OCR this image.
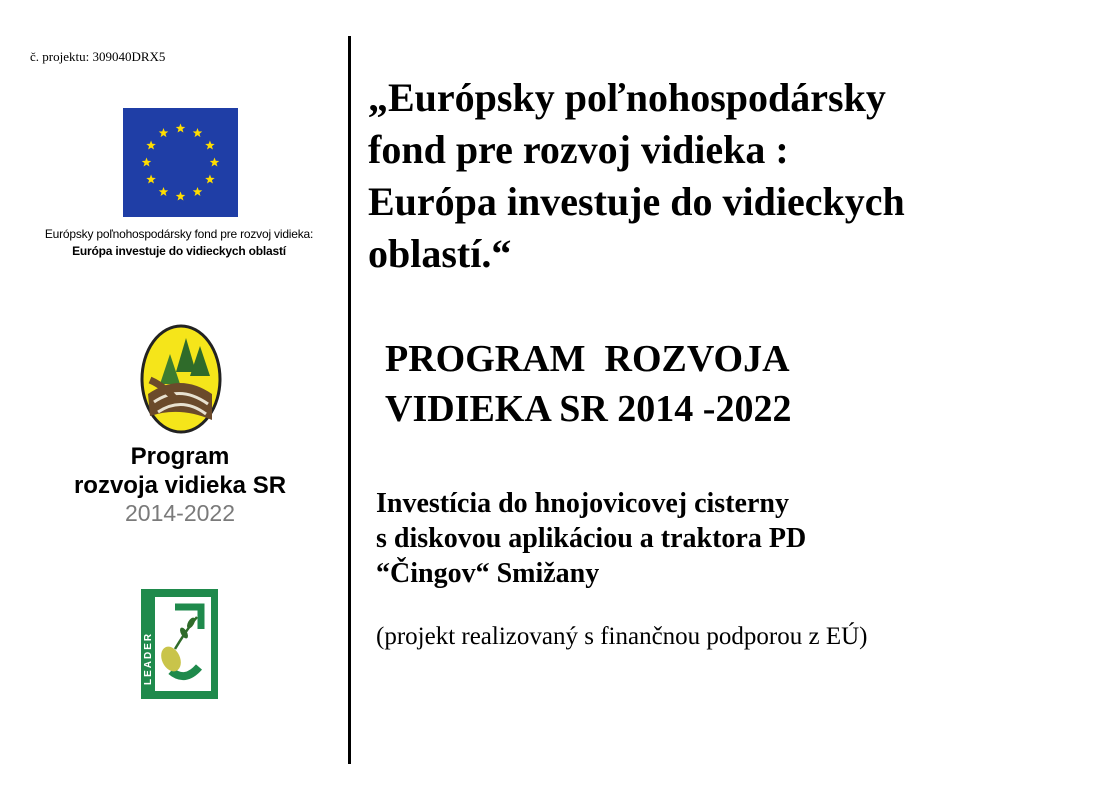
č. projektu: 309040DRX5
Európsky poľnohospodársky fond pre rozvoj vidieka:
Európa investuje do vidieckych oblastí
Program
rozvoja vidieka SR
2014-2022
LEADER
„Európsky poľnohospodársky
fond pre rozvoj vidieka :
Európa investuje do vidieckych
oblastí.“
PROGRAM  ROZVOJA
VIDIEKA SR 2014 -2022
Investícia do hnojovicovej cisterny
s diskovou aplikáciou a traktora PD
“Čingov“ Smižany
(projekt realizovaný s finančnou podporou z EÚ)
